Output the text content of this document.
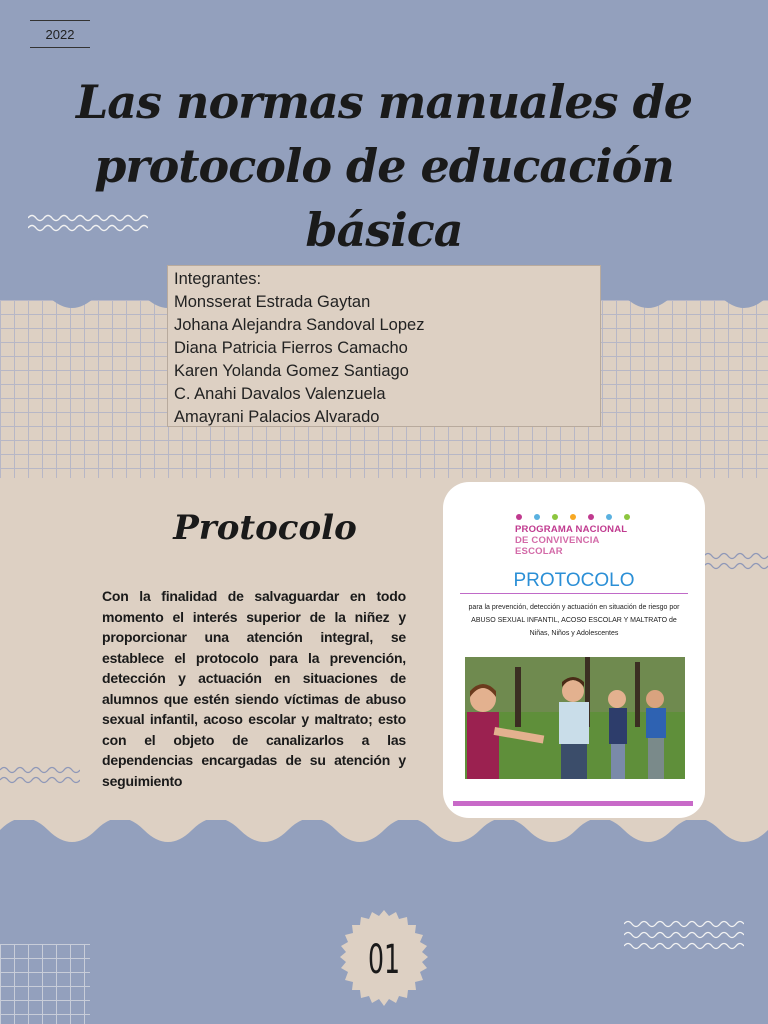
2022
Las normas manuales de
protocolo de educación
básica
Integrantes:
Monsserat Estrada Gaytan
Johana Alejandra Sandoval Lopez
Diana Patricia Fierros Camacho
Karen Yolanda Gomez Santiago
C. Anahi Davalos Valenzuela
Amayrani Palacios Alvarado
Protocolo
Con la finalidad de salvaguardar en todo momento el interés superior de la niñez y proporcionar una atención integral, se establece el protocolo para la prevención, detección y actuación en situaciones de alumnos que estén siendo víctimas de abuso sexual infantil, acoso escolar y maltrato; esto con el objeto de canalizarlos a las dependencias encargadas de su atención y seguimiento
PROGRAMA NACIONAL
DE CONVIVENCIA ESCOLAR
PROTOCOLO
para la prevención, detección y actuación en situación de riesgo por
ABUSO SEXUAL INFANTIL, ACOSO ESCOLAR Y MALTRATO de
Niñas, Niños y Adolescentes
01
